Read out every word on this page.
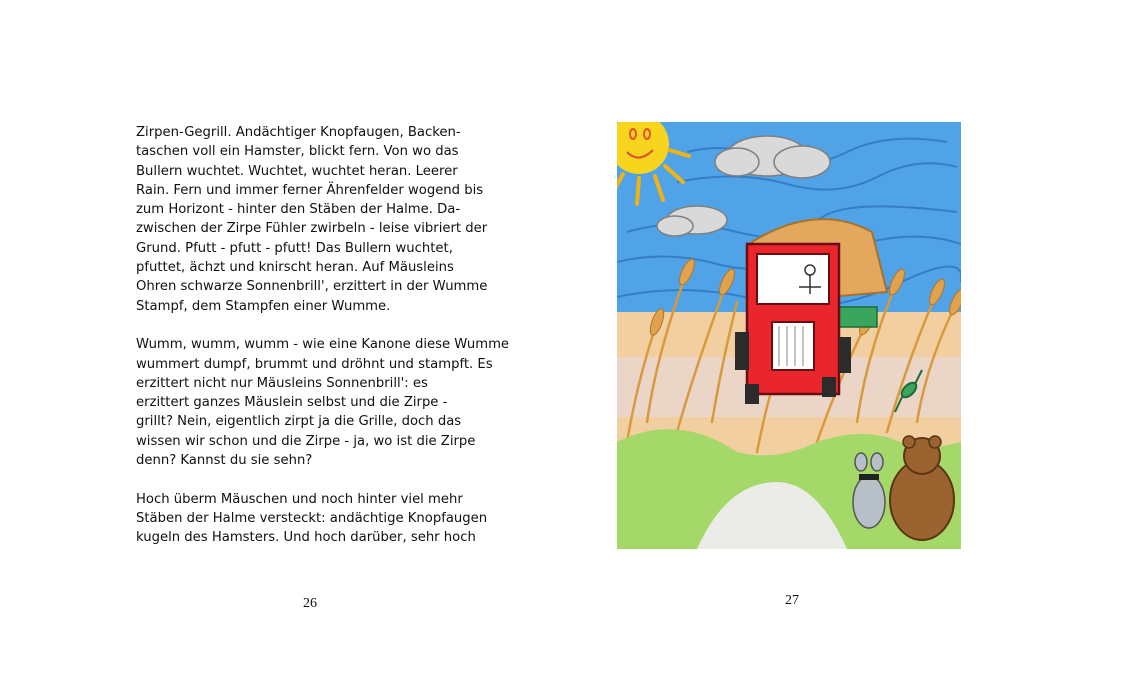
Zirpen-Gegrill. Andächtiger Knopfaugen, Backen-
taschen voll ein Hamster, blickt fern. Von wo das
Bullern wuchtet. Wuchtet, wuchtet heran. Leerer
Rain. Fern und immer ferner Ährenfelder wogend bis
zum Horizont - hinter den Stäben der Halme. Da-
zwischen der Zirpe Fühler zwirbeln - leise vibriert der
Grund. Pfutt - pfutt - pfutt! Das Bullern wuchtet,
pfuttet, ächzt und knirscht heran. Auf Mäusleins
Ohren schwarze Sonnenbrill', erzittert in der Wumme
Stampf, dem Stampfen einer Wumme.

Wumm, wumm, wumm - wie eine Kanone diese Wumme
wummert dumpf, brummt und dröhnt und stampft. Es
erzittert nicht nur Mäusleins Sonnenbrill': es
erzittert ganzes Mäuslein selbst und die Zirpe -
grillt? Nein, eigentlich zirpt ja die Grille, doch das
wissen wir schon und die Zirpe - ja, wo ist die Zirpe
denn? Kannst du sie sehn?

Hoch überm Mäuschen und noch hinter viel mehr
Stäben der Halme versteckt: andächtige Knopfaugen
kugeln des Hamsters. Und hoch darüber, sehr hoch

26	27
